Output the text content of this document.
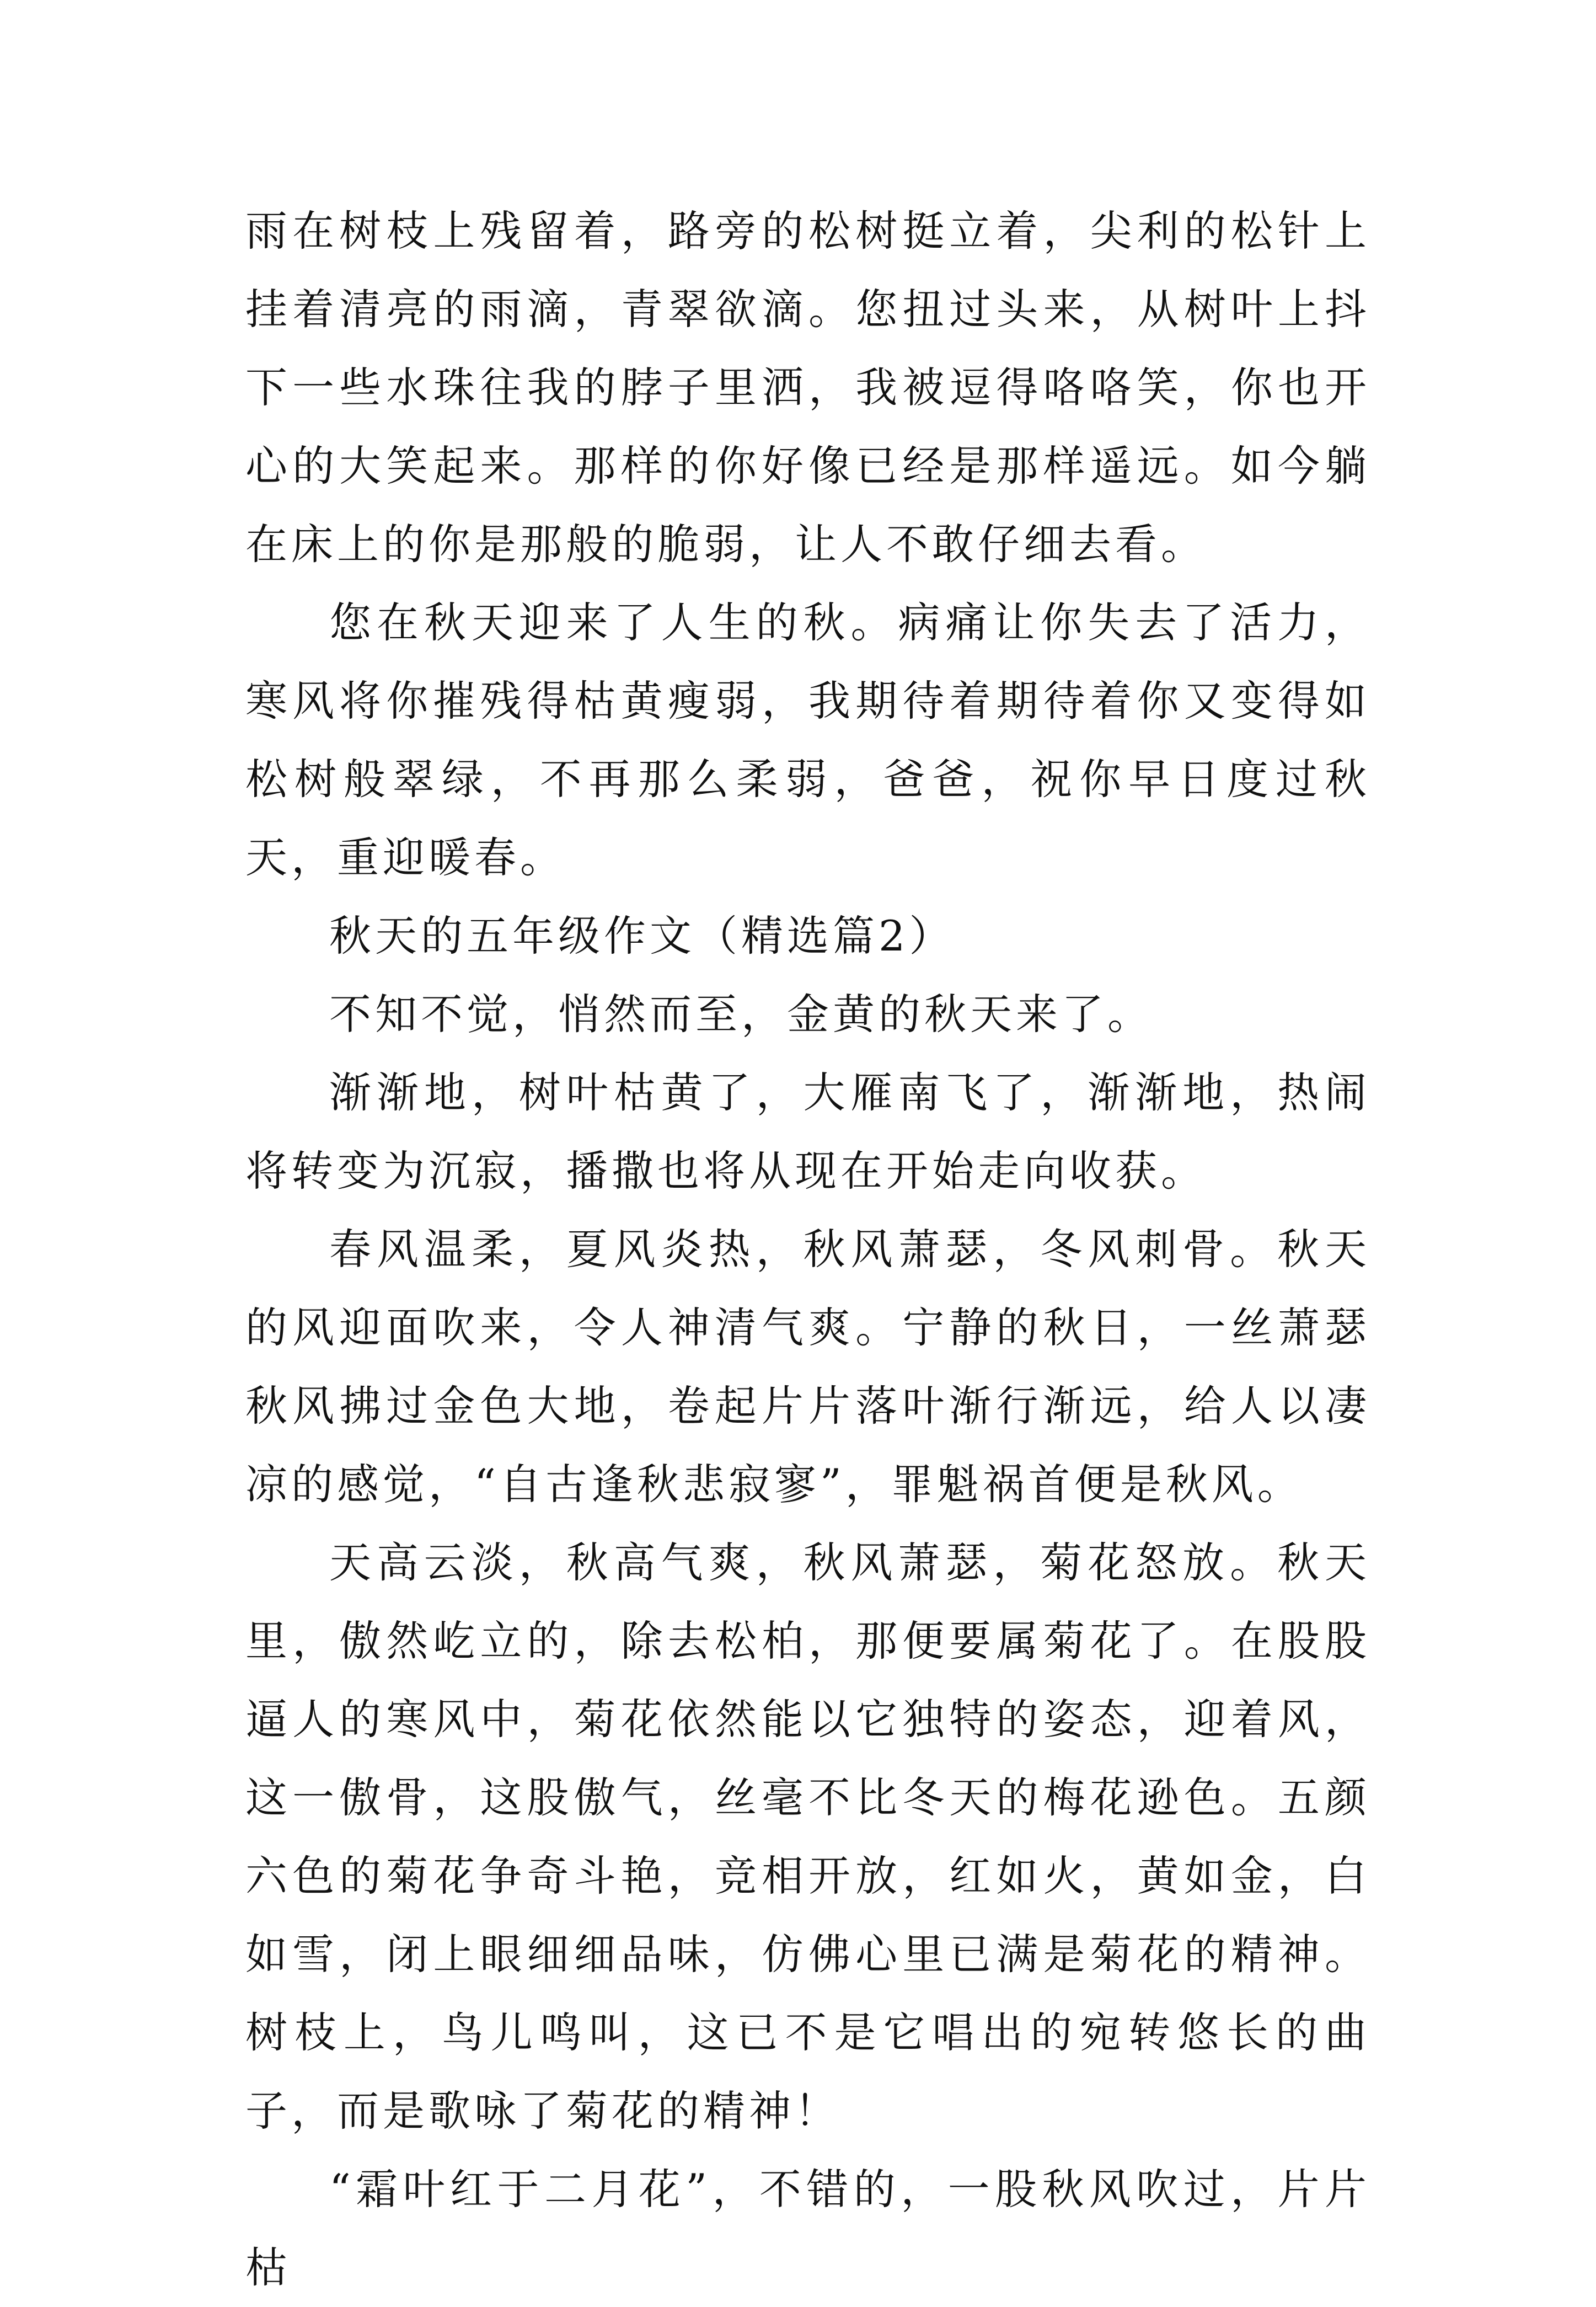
雨在树枝上残留着，路旁的松树挺立着，尖利的松针上挂着清亮的雨滴，青翠欲滴。您扭过头来，从树叶上抖下一些水珠往我的脖子里洒，我被逗得咯咯笑，你也开心的大笑起来。那样的你好像已经是那样遥远。如今躺在床上的你是那般的脆弱，让人不敢仔细去看。

您在秋天迎来了人生的秋。病痛让你失去了活力，寒风将你摧残得枯黄瘦弱，我期待着期待着你又变得如松树般翠绿，不再那么柔弱，爸爸，祝你早日度过秋天，重迎暖春。

秋天的五年级作文（精选篇2）

不知不觉，悄然而至，金黄的秋天来了。

渐渐地，树叶枯黄了，大雁南飞了，渐渐地，热闹将转变为沉寂，播撒也将从现在开始走向收获。

春风温柔，夏风炎热，秋风萧瑟，冬风刺骨。秋天的风迎面吹来，令人神清气爽。宁静的秋日，一丝萧瑟秋风拂过金色大地，卷起片片落叶渐行渐远，给人以凄凉的感觉，“自古逢秋悲寂寥”，罪魁祸首便是秋风。

天高云淡，秋高气爽，秋风萧瑟，菊花怒放。秋天里，傲然屹立的，除去松柏，那便要属菊花了。在股股逼人的寒风中，菊花依然能以它独特的姿态，迎着风，这一傲骨，这股傲气，丝毫不比冬天的梅花逊色。五颜六色的菊花争奇斗艳，竞相开放，红如火，黄如金，白如雪，闭上眼细细品味，仿佛心里已满是菊花的精神。树枝上，鸟儿鸣叫，这已不是它唱出的宛转悠长的曲子，而是歌咏了菊花的精神！

“霜叶红于二月花”，不错的，一股秋风吹过，片片枯
